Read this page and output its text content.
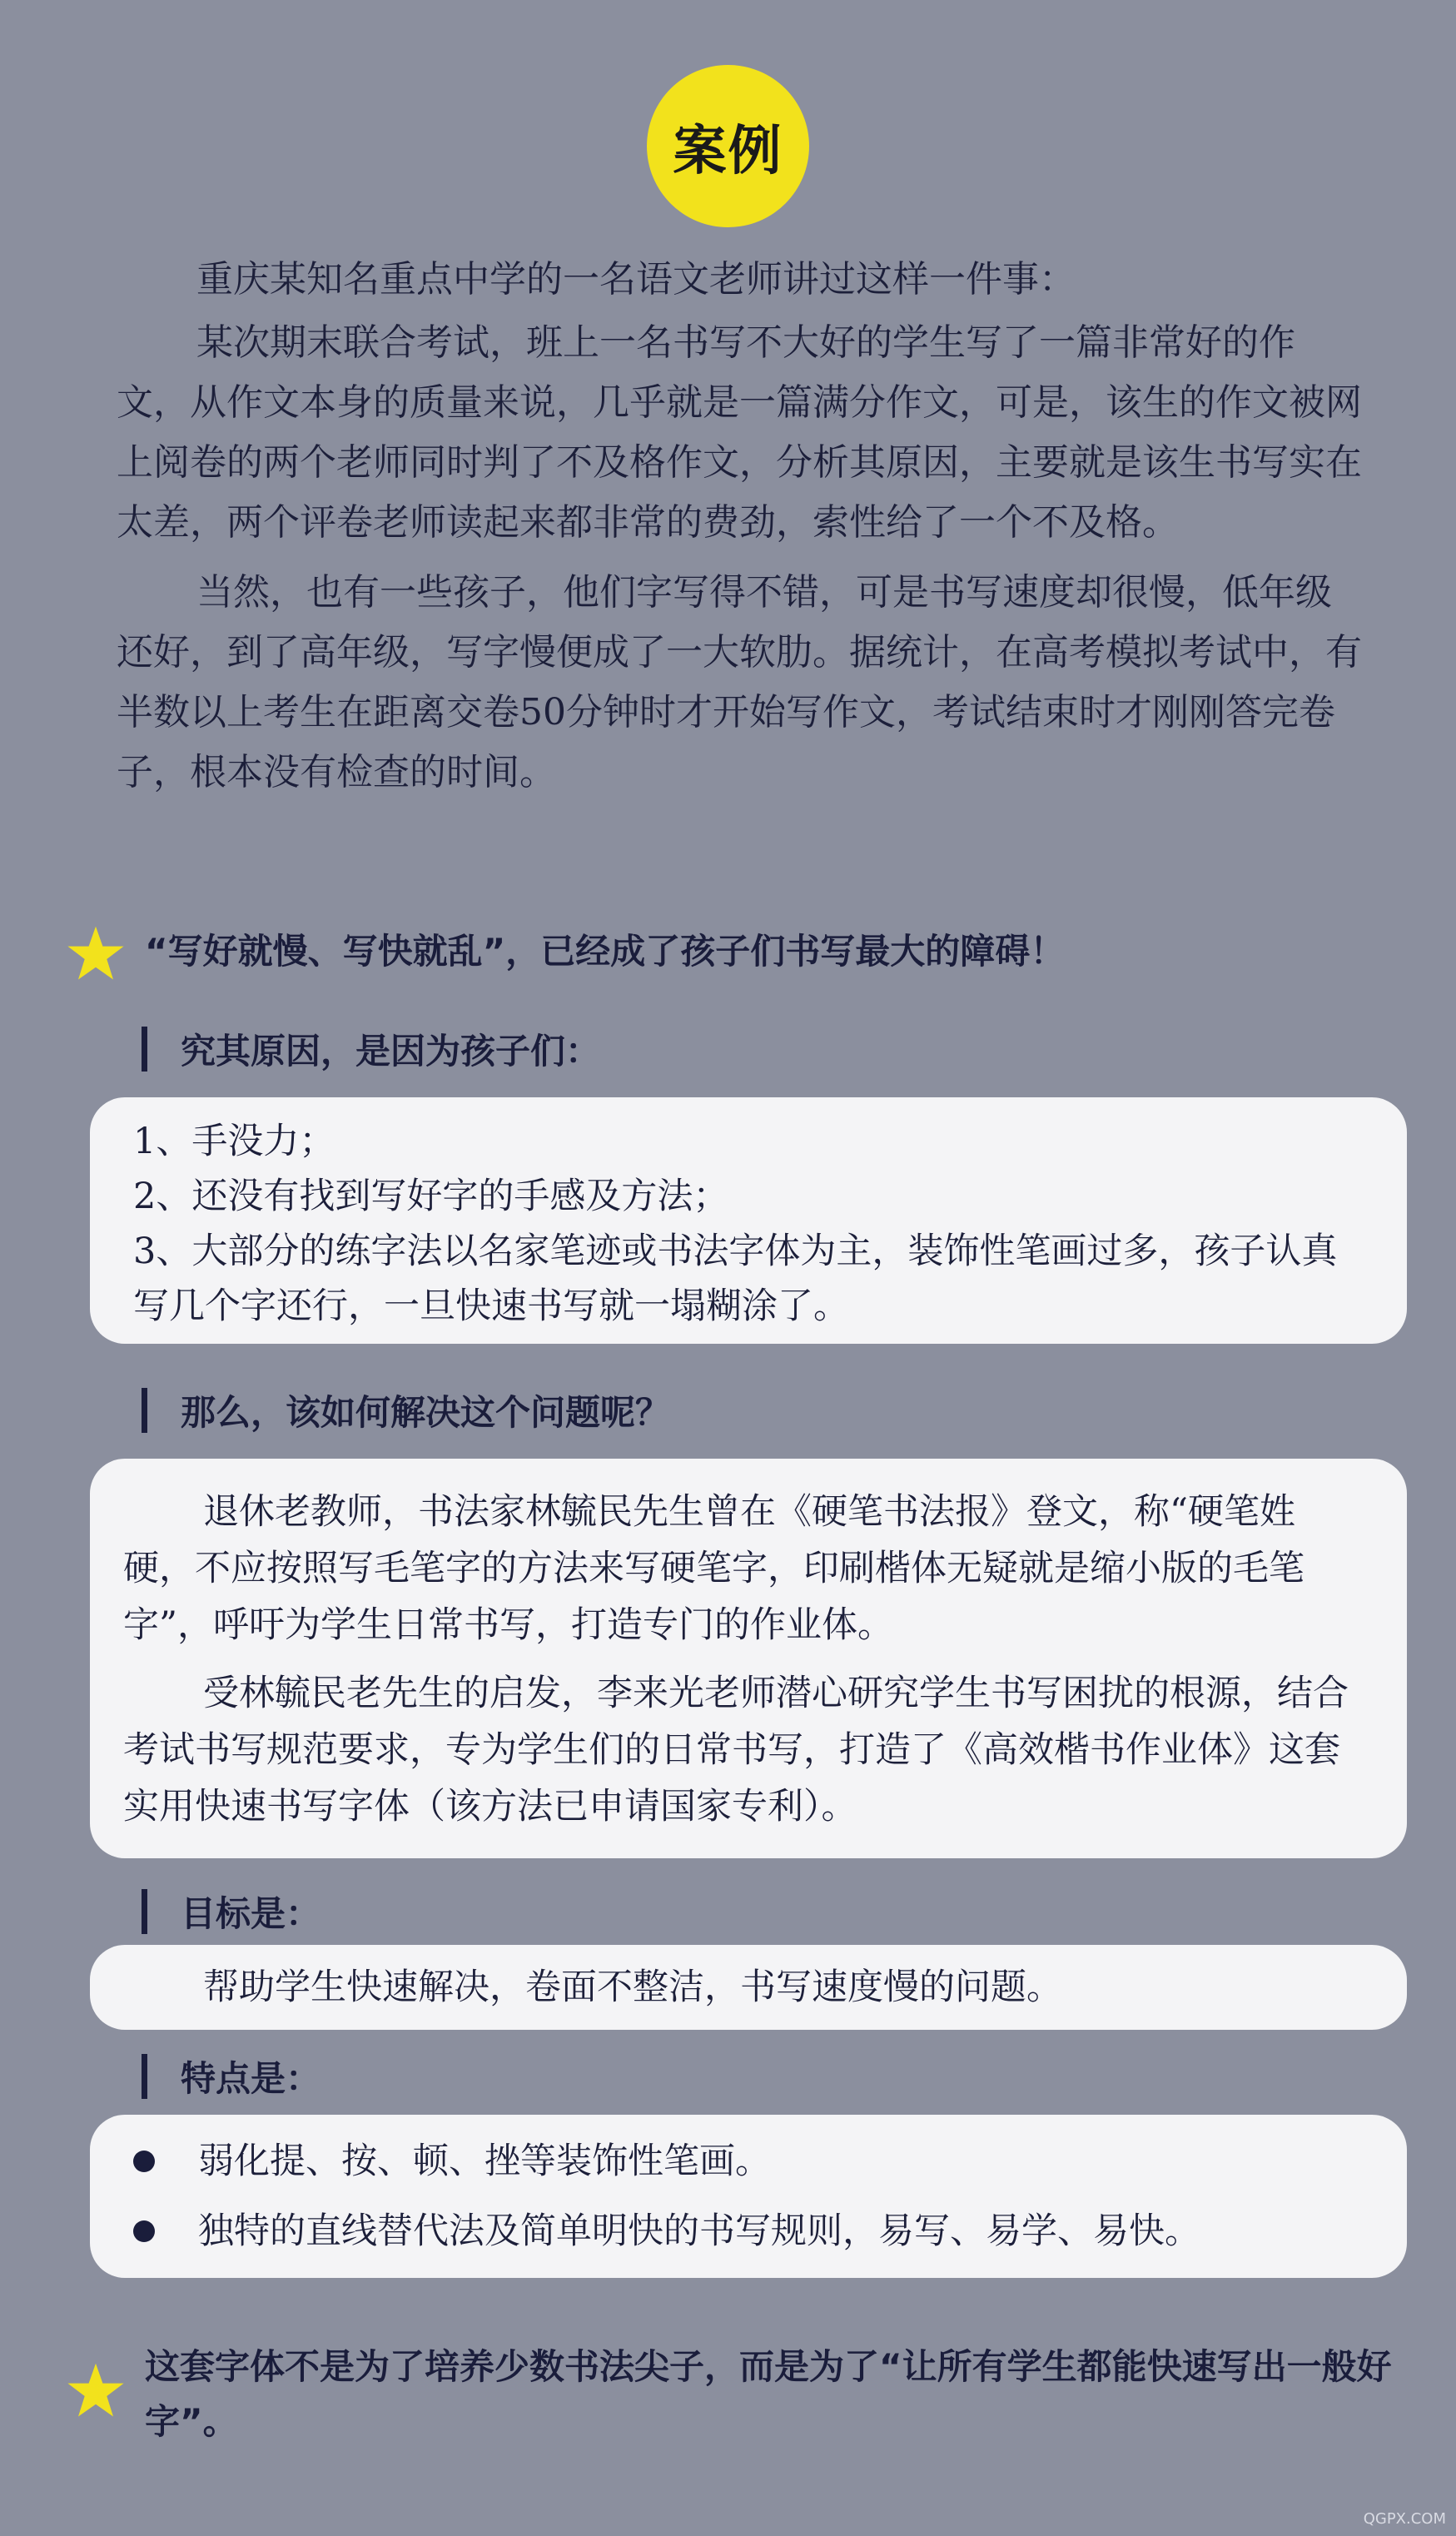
案例

重庆某知名重点中学的一名语文老师讲过这样一件事：

某次期末联合考试，班上一名书写不大好的学生写了一篇非常好的作文，从作文本身的质量来说，几乎就是一篇满分作文，可是，该生的作文被网上阅卷的两个老师同时判了不及格作文，分析其原因，主要就是该生书写实在太差，两个评卷老师读起来都非常的费劲，索性给了一个不及格。

当然，也有一些孩子，他们字写得不错，可是书写速度却很慢，低年级还好，到了高年级，写字慢便成了一大软肋。据统计，在高考模拟考试中，有半数以上考生在距离交卷50分钟时才开始写作文，考试结束时才刚刚答完卷子，根本没有检查的时间。

“写好就慢、写快就乱”，已经成了孩子们书写最大的障碍！
究其原因，是因为孩子们：

1、手没力；

2、还没有找到写好字的手感及方法；

3、大部分的练字法以名家笔迹或书法字体为主，装饰性笔画过多，孩子认真写几个字还行，一旦快速书写就一塌糊涂了。

那么，该如何解决这个问题呢？

退休老教师，书法家林毓民先生曾在《硬笔书法报》登文，称“硬笔姓硬，不应按照写毛笔字的方法来写硬笔字，印刷楷体无疑就是缩小版的毛笔字”，呼吁为学生日常书写，打造专门的作业体。

受林毓民老先生的启发，李来光老师潜心研究学生书写困扰的根源，结合考试书写规范要求，专为学生们的日常书写，打造了《高效楷书作业体》这套实用快速书写字体（该方法已申请国家专利）。

目标是：

帮助学生快速解决，卷面不整洁，书写速度慢的问题。

特点是：
弱化提、按、顿、挫等装饰性笔画。
独特的直线替代法及简单明快的书写规则，易写、易学、易快。
这套字体不是为了培养少数书法尖子，而是为了“让所有学生都能快速写出一般好字”。
QGPX.COM
